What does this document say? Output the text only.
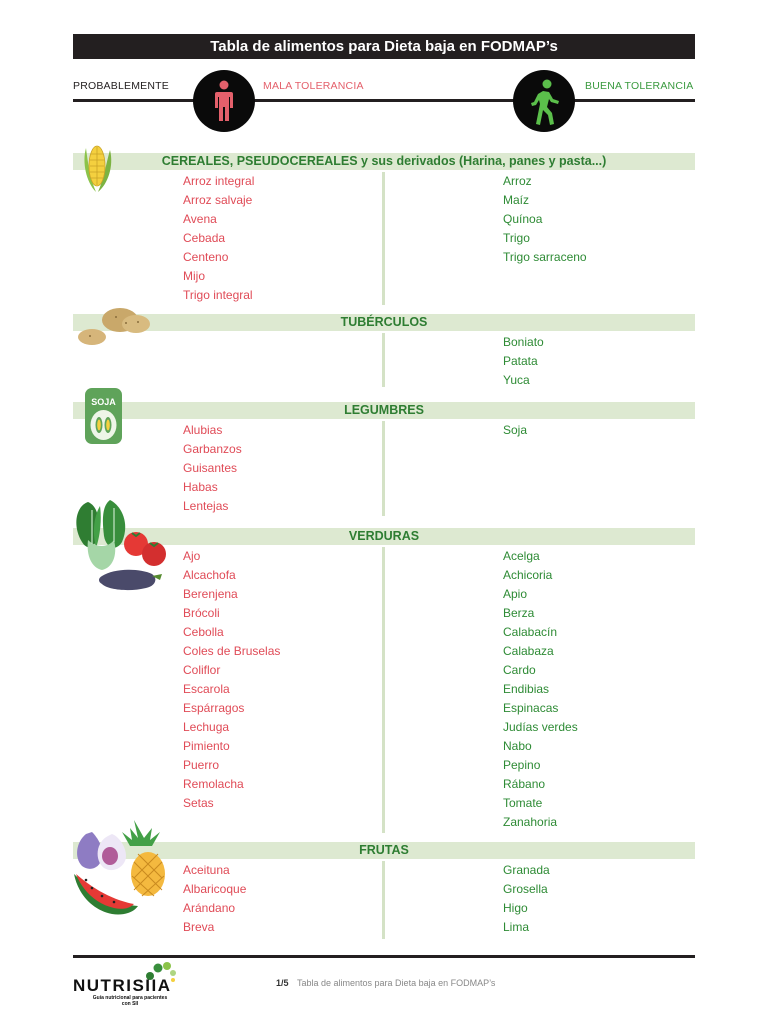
Tabla de alimentos para Dieta baja en FODMAP’s
PROBABLEMENTE	MALA TOLERANCIA	BUENA TOLERANCIA
CEREALES, PSEUDOCEREALES y sus derivados (Harina, panes y pasta...)
Arroz integral
Arroz salvaje
Avena
Cebada
Centeno
Mijo
Trigo integral
Arroz
Maíz
Quínoa
Trigo
Trigo sarraceno
TUBÉRCULOS
Boniato
Patata
Yuca
LEGUMBRES
Alubias
Garbanzos
Guisantes
Habas
Lentejas
Soja
SOJA
VERDURAS
Ajo
Alcachofa
Berenjena
Brócoli
Cebolla
Coles de Bruselas
Coliflor
Escarola
Espárragos
Lechuga
Pimiento
Puerro
Remolacha
Setas
Acelga
Achicoria
Apio
Berza
Calabacín
Calabaza
Cardo
Endibias
Espinacas
Judías verdes
Nabo
Pepino
Rábano
Tomate
Zanahoria
FRUTAS
Aceituna
Albaricoque
Arándano
Breva
Granada
Grosella
Higo
Lima
NUTRISIIA
Guía nutricional para pacientes con SII
1/5 Tabla de alimentos para Dieta baja en FODMAP’s
